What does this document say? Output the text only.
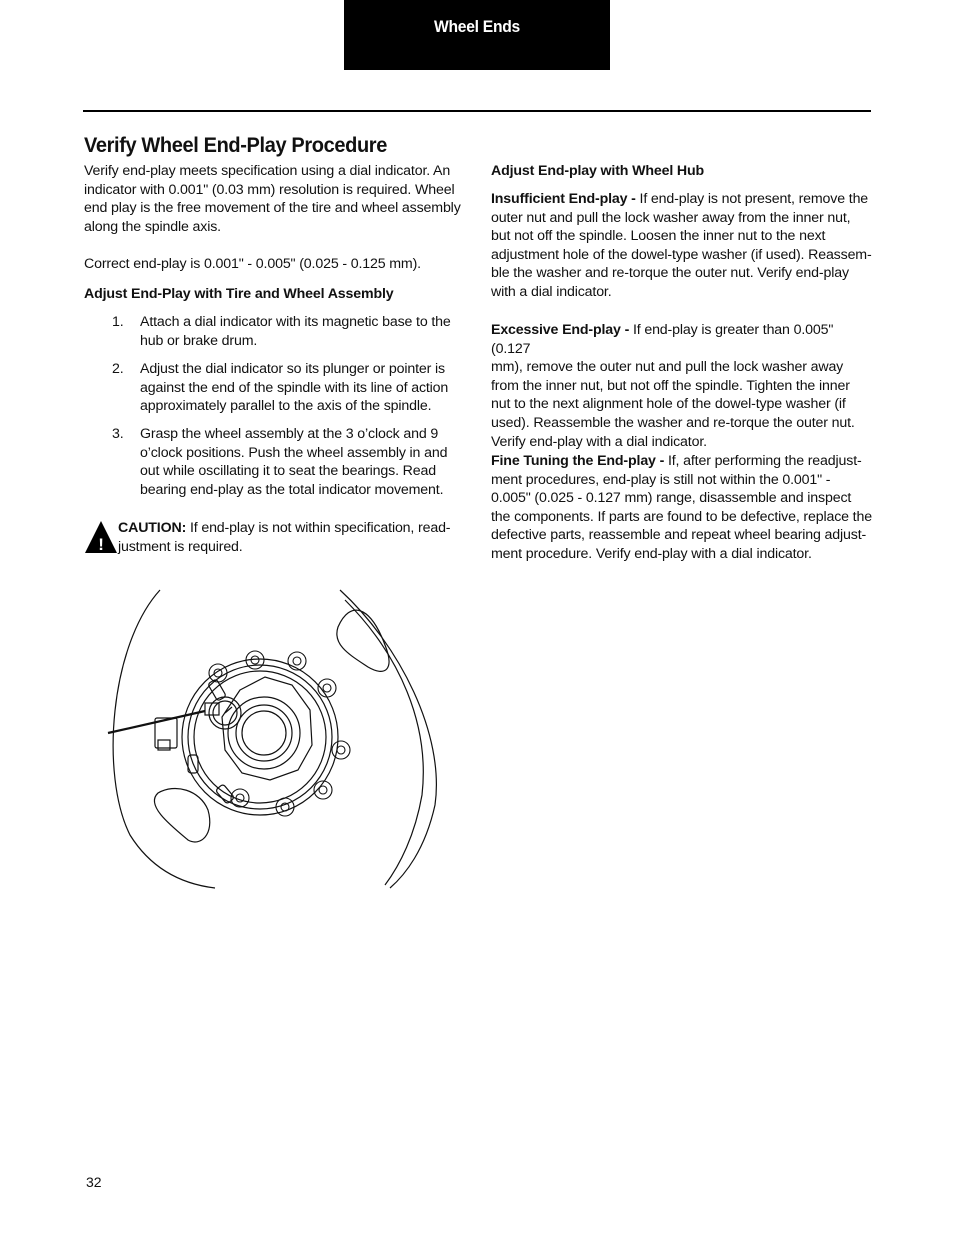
Wheel Ends
Verify Wheel End-Play Procedure

Verify end-play meets specification using a dial indicator. An

indicator with 0.001" (0.03 mm) resolution is required. Wheel

end play is the free movement of the tire and wheel assembly

along the spindle axis.

Correct end-play is 0.001" - 0.005" (0.025 - 0.125 mm).

Adjust End-Play with Tire and Wheel Assembly

1. Attach a dial indicator with its magnetic base to the

hub or brake drum.

2. Adjust the dial indicator so its plunger or pointer is

against the end of the spindle with its line of action

approximately parallel to the axis of the spindle.

3. Grasp the wheel assembly at the 3 o’clock and 9

o’clock positions. Push the wheel assembly in and

out while oscillating it to seat the bearings. Read

bearing end-play as the total indicator movement.

!

CAUTION: If end-play is not within specification, read-

justment is required.

Adjust End-play with Wheel Hub

Insufficient End-play - If end-play is not present, remove the

outer nut and pull the lock washer away from the inner nut,

but not off the spindle. Loosen the inner nut to the next

adjustment hole of the dowel-type washer (if used). Reassem-

ble the washer and re-torque the outer nut. Verify end-play

with a dial indicator.

Excessive End-play - If end-play is greater than 0.005" (0.127

mm), remove the outer nut and pull the lock washer away

from the inner nut, but not off the spindle. Tighten the inner

nut to the next alignment hole of the dowel-type washer (if

used). Reassemble the washer and re-torque the outer nut.

Verify end-play with a dial indicator.

Fine Tuning the End-play - If, after performing the readjust-

ment procedures, end-play is still not within the 0.001" -

0.005" (0.025 - 0.127 mm) range, disassemble and inspect

the components. If parts are found to be defective, replace the

defective parts, reassemble and repeat wheel bearing adjust-

ment procedure. Verify end-play with a dial indicator.

32
